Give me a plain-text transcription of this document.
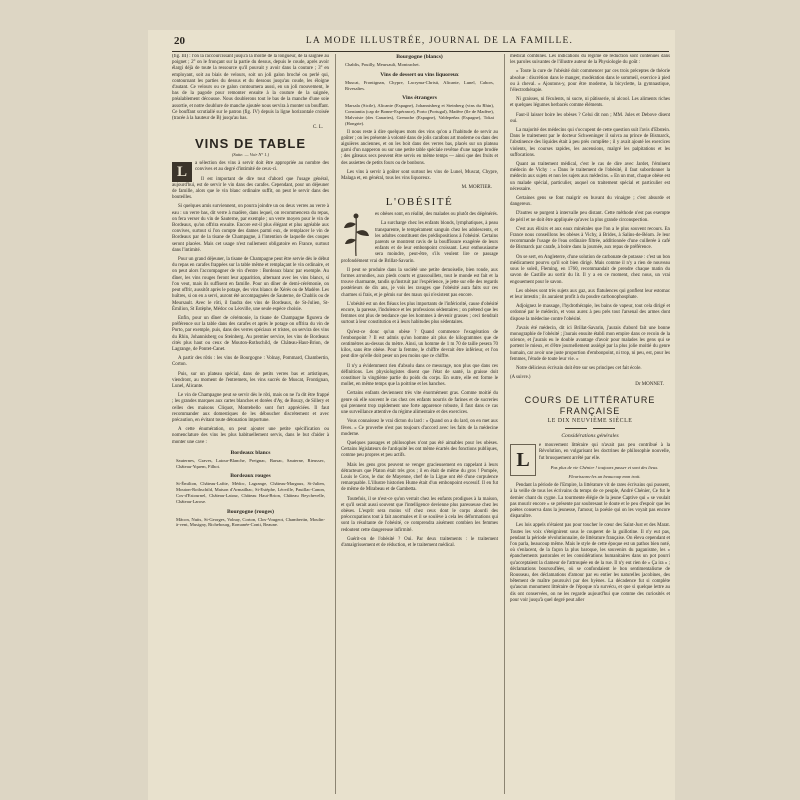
20	LA MODE ILLUSTRÉE, JOURNAL DE LA FAMILLE.

(fig. III) : l'on la raccourcissant jusqu'à la moitié de la longueur, de la saignée au poignet ; 2° on le fronçant sur la partie du dessus, depuis le coude, après avoir élargi déjà de toute la ressource qu'il pouvait y avoir dans la couture ; 3° en employant, soit au biais de velours, soit un joli galon broché ou perlé qui, contournant les parties du dessus et du dessous jusqu'au coude, les éloigne d'autant. Ce velours ou ce galon contournera aussi, en un joli mouvement, le bas de la pagode pour remonter ensuite à la couture de la saignée, préalablement décousue. Nous doublerons tout le bas de la manche d'une soie assortie, et notre doublure de manche ajoutée nous servira à monter un bouffant. Ce bouffant scrutiallé sur le patron (fig. IV) depuis la ligne horizontale croisée (tracée à la hauteur de B) jusqu'au bas.

C. L.
VINS DE TABLE
(Suite. — Voir N° 1.)
L

a sélection des vins à servir doit être appropriée au nombre des convives et au degré d'intimité de ceux-ci.

Il est important de dire tout d'abord que l'usage général, aujourd'hui, est de servir le vin dans des carafes. Cependant, pour un déjeuner de famille, alors que le vin blanc ordinaire suffit, on peut le servir dans des bouteilles.

Si quelques amis surviennent, on pourra joindre un ou deux verres au verre à eau : un verre bas, dit verre à madère, dans lequel, on recommencera du repas, on fera verser du vin de Sauterne, par exemple ; un verre moyen pour le vin de Bordeaux, qu'on offrira ensuite. Encore est-il plus élégant et plus agréable aux convives, surtout si l'on compte des dames parmi eux, de remplacer le vin de Bordeaux par de la tisane de Champagne, à l'intention de laquelle des coupes seront placées. Mais cet usage n'est nullement obligatoire en France, surtout dans l'intimité.

Pour un grand déjeuner, la tisane de Champagne peut être servie dès le début du repas en carafes frappées sur la table même et remplaçant le vin ordinaire, et on peut alors l'accompagner de vin d'entre : Bordeaux blanc par exemple. Au dîner, les vins rouges feront leur apparition, alternant avec les vins blancs, si l'on veut, mais ils suffisent en famille. Pour un dîner de demi-cérémonie, on peut offrir, aussitôt après le potage, des vins blancs de Xérès ou de Madère. Les huîtres, si on en a servi, auront été accompagnées de Sauterne, de Chablis ou de Meursault. Avec le rôti, il faudra des vins de Bordeaux, de St-Julien, St-Émilion, St Estèphe, Médoc ou Léoville, une seule espèce choisie.

Enfin, pour un dîner de cérémonie, la tisane de Champagne figurera de préférence sur la table dans des carafes et après le potage on offrira du vin de Porto, par exemple, puis, dans des verres spéciaux et tristes, on servira des vins du Rhin, Johannisberg ou Steinberg. Au premier service, les vins de Bordeaux cités plus haut ou ceux de Mouton-Rothschild, de Château-Haut-Brion, de Lagrange, de Pontet-Canet.

A partir des rôtis : les vins de Bourgogne : Volnay, Pommard, Chambertin, Corton.

Puis, sur un plateau spécial, dans de petits verres bas et artistiques, viendront, au moment de l'entremets, les vins sucrés de Muscat, Frontignan, Lunel, Alicante.

Le vin de Champagne peut se servir dès le rôti, mais on ne l'a dit être frappé ; les grandes marques aux cartes blanches et dorées d'Ay, de Bouzy, de Sillery et celles des maisons Cliquot, Montebello sont fort appréciées. Il faut recommander aux domestiques de les déboucher discrètement et avec précaution, en évitant toute détonation importune.

A cette énumération, on peut ajouter une petite spécification ou nomenclature des vins les plus habituellement servis, dans le but d'aider à monter une cave :

Bordeaux blancs

Sauternes, Graves, Latour-Blanche, Preignac, Barsac, Sauterne, Rieussec, Château-Yquem, Filhot.

Bordeaux rouges

St-Émilion, Château-Lafite, Médoc, Lagrange, Château-Margaux, St-Julien, Mouton-Rothschild, Maison d'Armailhac, St-Estèphe, Léoville, Pauillac-Canon, Cos-d'Estournel, Château-Latour, Château Haut-Brion, Château Beychevelle, Château-Larose.

Bourgogne (rouges)

Mâcon, Nuits, St-Georges, Volnay, Corton, Clos-Vougeot, Chambertin, Moulin-à-vent, Musigny, Richebourg, Romanée-Conti, Beaune.

Bourgogne (blancs)

Chablis, Pouilly, Meursault, Montrachet.

Vins de dessert ou vins liquoreux

Muscat, Frontignan, Chypre, Lacryma-Christi, Alicante, Lunel, Cahors, Rivesaltes.

Vins étrangers

Marsala (Sicile), Alicante (Espagne), Johannisberg et Steinberg (vins du Rhin), Constantia (cap de Bonne-Espérance), Porto (Portugal), Madère (île de Madère), Malvoisie (des Canaries), Grenache (Espagne), Valdepeñas (Espagne), Tokai (Hongrie).

Il nous reste à dire quelques mots des vins qu'on a l'habitude de servir au goûter ; on les présente à volonté dans de jolis carafons art moderne ou dans des aiguières anciennes, et on les boit dans des verres bas, placés sur un plateau garni d'un napperon ou sur une petite table spéciale revêtue d'une nappe brodée ; des gâteaux secs peuvent être servis en même temps — ainsi que des fruits et des assiettes de petits fours ou de bonbons.

Les vins à servir à goûter sont surtout les vins de Lunel, Muscat, Chypre, Malaga et, en général, tous les vins liquoreux.

M. MORTIER.
L'OBÉSITÉ

es obèses sont, en réalité, des malades ou plutôt des dégénérés.

La surcharge chez les enfants blonds, lymphatiques, à peau transparente, le tempérament sanguin chez les adolescents, et les adultes constituent des prédispositions à l'obésité. Certains parents se montrent ravis de la bouffissure exagérée de leurs enfants et de leur embonpoint croissant. Leur enthousiasme sera moindre, peut-être, s'ils veulent lire ce passage profondément vrai de Brillat-Savarin.

Il peut se produire dans la société une petite demoiselle, bien ronde, aux formes arrondies, aux pieds courts et grassouillets, tout le monde est fait et la trouve charmante, tandis qu'instruit par l'expérience, je jette sur elle des regards postérieurs de dix ans, je vois les ravages que l'obésité aura faits sur ces charmes si frais, et je gémis sur des maux qui n'existent pas encore.

L'obésité est un des fléaux les plus importants de l'infériorité, cause d'obésité encore, la paresse, l'indolence et les professions sédentaires ; on prétend que les femmes ont plus de tendance que les hommes à devenir grasses ; ceci tiendrait surtout à leur constitution et à leurs habitudes plus sédentaires.

Qu'est-ce donc qu'un obèse ? Quand commence l'exagération de l'embonpoint ? Il est admis qu'on homme ait plus de kilogrammes que de centimètres au-dessus du mètre. Ainsi, un homme de 1 m 70 de taille pesera 70 kilos, sans être obèse. Pour la femme, le chiffre devrait être inférieur, et l'on peut dire qu'elle doit peser un peu moins que ce chiffre.

Il n'y a évidemment rien d'absolu dans ce mesurage, non plus que dans ces définitions. Les physiologistes disent que l'état de santé, la graisse doit constituer la vingtième partie du poids du corps. En outre, elle est forme le mollet, en même temps que la poitrine et les hanches.

Certains enfants deviennent très vite énormément gras. Comme moitié du genre où elle souvent le cas chez ces enfants nourris de farines et de sucreries qui prennent trop rapidement une forte apparence robuste, il faut dans ce cas une surveillance attentive du régime alimentaire et des exercices.

Vous connaissez le vrai dicton du lard : « Quand on a du lard, on en met aux fêves. » Ce proverbe n'est pas toujours d'accord avec les faits de la médecine moderne.

Quelques passages et philosophes n'ont pas été aimables pour les obèses. Certains législateurs de l'antiquité les ont même écartés des fonctions publiques, comme peu propres et peu actifs.

Mais les gens gros peuvent se venger gracieusement en rappelant à leurs détracteurs que Platon était très gros ; il en était de même du gros ! Pompée, Louis le Gros, le duc de Mayenne, chef de la Ligue ont été d'une corpulence remarquable. L'illustre historien Hume était d'un embonpoint excessif. Il en fut de même de Mirabeau et de Gambetta.

Toutefois, il se n'est-ce qu'on verrait chez les enfants prodigues à la maison, et qu'il serait aussi souvent que l'intelligence devienne plus paresseuse chez les obèses. L'esprit sera moins vif chez ceux dont le corps alourdi des préoccupations tout à fait anormales et il se soulève à cela les déformations qui sont la résultante de l'obésité, ce comprendra aisément combien les femmes redoutent cette dangereuse infirmité.

Guérit-on de l'obésité ? Oui. Par deux traitements : le traitement d'amaigrissement et de réduction, et le traitement médical.

médical combinés. Les indications du régime de réduction sont contenues dans les paroles suivantes de l'illustre auteur de la Physiologie du goût :

« Toute la cure de l'obésité doit commencer par ces trois préceptes de théorie absolue : discrétion dans le manger, modération dans le sommeil, exercice à pied ou à cheval. » Ajoutons-y, pour être moderne, la bicyclette, la gymnastique, l'électrothérapie.

Ni graisses, ni féculents, ni sucre, ni pâtisserie, ni alcool. Les aliments riches et quelques légumes herbacés comme éléments.

Faut-il laisser boire les obèses ? Celui dit non ; MM. Jules et Debove disent oui.

La majorité des médecins qui s'occupent de cette question suit l'avis d'Ebstein. Dans le traitement par le docteur Schweninger il suivra au prince de Bismarck, l'abstinence des liquides était à peu près complète ; il y avait ajouté les exercices violents, les courses rapides, les ascensions, malgré les palpitations et les suffocations.

Quant au traitement médical, c'est le cas de dire avec Jardet, l'éminent médecin de Vichy : « Dans le traitement de l'obésité, il faut subordonner la médecin aux sujets et non les sujets aux médecins. » En un mot, chaque obèse est un malade spécial, particulier, auquel on traitement spécial et particulier est nécessaire.

Certaines gens se font maigrir en buvant du vinaigre ; c'est absurde et dangereux.

D'autres se purgent à intervalle peu distant. Cette méthode n'est pas exempte de péril et ne doit être appliquée qu'avec la plus grande circonspection.

C'est aux élixirs et aux eaux minérales que l'on a le plus souvent recours. En France nous conseillons les obèses à Vichy, à Brides, à Salins-de-Béarn. Je leur recommande l'usage de l'eau ordinaire filtrée, additionnée d'une cuillerée à café de Bismarck par carafe, à boire dans la journée, aux repas de préférence.

On se sert, en Angleterre, d'une solution de carbonate de potasse : c'est un bon médicament pourvu qu'il soit bien dirigé. Mais comme il n'y a rien de nouveau sous le soleil, Fleming, en 1760, recommandait de prendre chaque matin du savon de Castille au sortir du lit. Il y a en ce moment, chez nous, un vrai engouement pour le savon.

Les obèses sont très sujets aux gaz, aux flatulences qui gonflent leur estomac et leur intestin ; ils auraient profit à du poudre carbonophosphate.

Adjoignez le massage, l'hydrothérapie, les bains de vapeur, tout cela dirigé et ordonné par le médecin, et vous aurez à peu près tout l'arsenal des armes dont dispose la médecine contre l'obésité.

J'avais été médecin, dit ici Brillat-Savarin, j'aurais d'abord fait une bonne monographie de l'obésité ; j'aurais ensuite établi mon empire dans ce recoin de la science, et j'aurais eu le double avantage d'avoir pour malades les gens qui se portent le mieux, et d'être journellement assiégé par la plus jolie moitié du genre humain, car avoir une juste proportion d'embonpoint, ni trop, ni peu, est, pour les femmes, l'étude de toute leur vie. »

Notre délicieux écrivain doit être sur ses principes cet fait école.

(A suivre.)
Dr MONNET.
COURS DE LITTÉRATURE FRANÇAISE
LE DIX NEUVIÈME SIÈCLE
Considérations générales
L

e mouvement littéraire qui n'avait pas peu contribué à la Révolution, en vulgarisant les doctrines de philosophie nouvelle, fut brusquement arrêté par elle.

Pas plus de vie Chénier ! toujours passer et sont des lieux.

Fleurissons-les un beaucoup mon trait.

Pendant la période de l'Empire, la littérature vit de rares écrivains qui pussent, à la veille de tous les écrivains du temps de ce peuple, André Chénier, Ce fut le dernier chant du cygne. La tourmente élégie de la jeune Captive qui « se voulait pas mourir encore » se présente par soubresaut le doute et le peu d'espoir que les poètes conserva dans la jeunesse, l'amour, la poésie qui on les voyait pas encore disparaître.

Les lois appels n'étaient pas pour toucher le cœur des Saint-Just et des Marat. Toutes les voix s'éteignirent sous le couperet de la guillotine. Il n'y eut pas, pendant la période révolutionnaire, de littérature française. On éleva cependant et l'on parla, beaucoup même. Mais le style de cette époque est un pathos bien noté, où s'enlacent, de la façon la plus baroque, les souvenirs du paganisme, les « épanchements pastorales et les considérations humanitaires dans un pot pourri qu'acceptaient la clameur de l'attroupée en de la rue. Il n'y eut rien de « Ça ira » ; déclamations boursouflées, où se confondaient le bon sentimentalisme de Rousseau, des déclamations d'amour par eu entier les naturelles jacobines, des bêtement de maître poursuivi par des hyènes. La décadence fut si complète qu'aucun monument littéraire de l'époque n'a survécu, et que si quelque lettre au dis ont conservées, on ne les regarde aujourd'hui que comme des curiosités et pour voir jusqu'à quel degré peut aller
